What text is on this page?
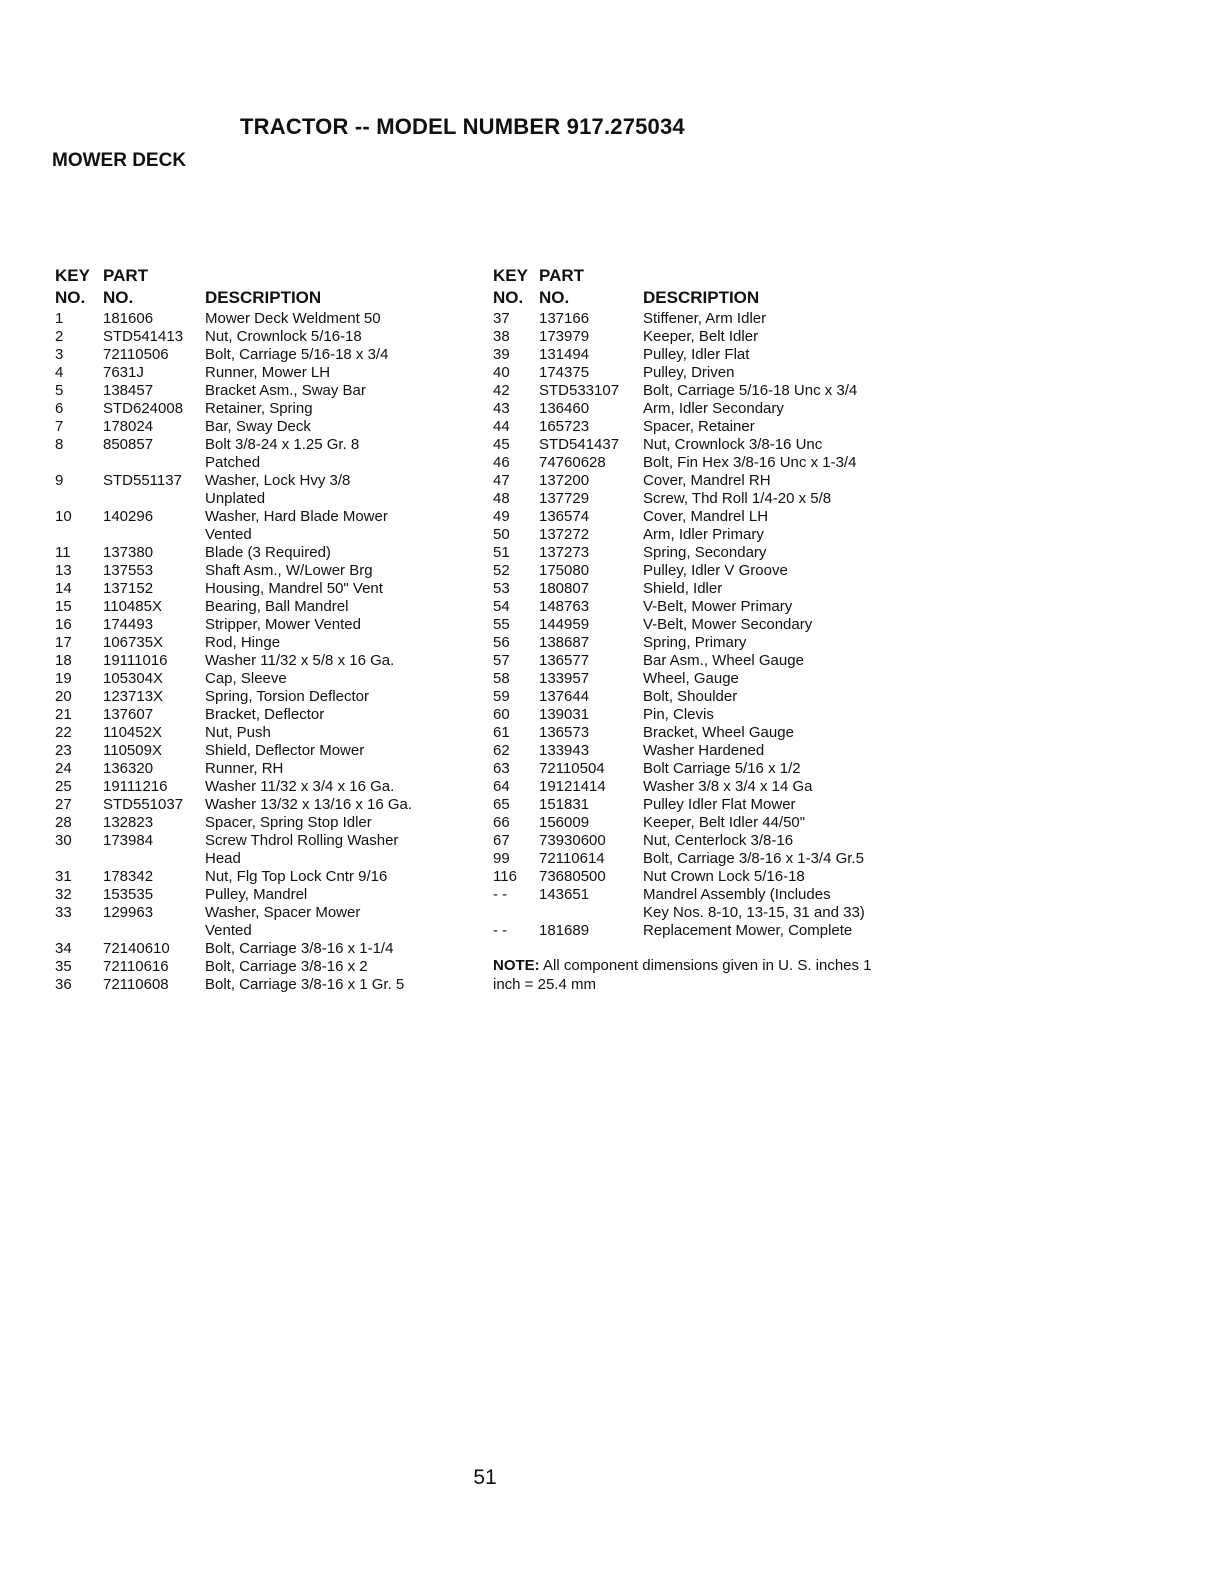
TRACTOR -- MODEL NUMBER 917.275034
MOWER DECK
KEY
NO.
PART
NO.	DESCRIPTION
1	181606	Mower Deck Weldment 50
2	STD541413	Nut, Crownlock 5/16-18
3	72110506	Bolt, Carriage 5/16-18 x 3/4
4	7631J	Runner, Mower LH
5	138457	Bracket Asm., Sway Bar
6	STD624008	Retainer, Spring
7	178024	Bar, Sway Deck
8	850857	Bolt 3/8-24 x 1.25 Gr. 8
Patched
9	STD551137	Washer, Lock Hvy 3/8
Unplated
10	140296	Washer, Hard Blade Mower
Vented
11	137380	Blade (3 Required)
13	137553	Shaft Asm., W/Lower Brg
14	137152	Housing, Mandrel 50" Vent
15	110485X	Bearing, Ball Mandrel
16	174493	Stripper, Mower Vented
17	106735X	Rod, Hinge
18	19111016	Washer 11/32 x 5/8 x 16 Ga.
19	105304X	Cap, Sleeve
20	123713X	Spring, Torsion Deflector
21	137607	Bracket, Deflector
22	110452X	Nut, Push
23	110509X	Shield, Deflector Mower
24	136320	Runner, RH
25	19111216	Washer 11/32 x 3/4 x 16 Ga.
27	STD551037	Washer 13/32 x 13/16 x 16 Ga.
28	132823	Spacer, Spring Stop Idler
30	173984	Screw Thdrol Rolling Washer
Head
31	178342	Nut, Flg Top Lock Cntr 9/16
32	153535	Pulley, Mandrel
33	129963	Washer, Spacer Mower
Vented
34	72140610	Bolt, Carriage 3/8-16 x 1-1/4
35	72110616	Bolt, Carriage 3/8-16 x 2
36	72110608	Bolt, Carriage 3/8-16 x 1 Gr. 5
KEY
NO.
PART
NO.	DESCRIPTION
37	137166	Stiffener, Arm Idler
38	173979	Keeper, Belt Idler
39	131494	Pulley, Idler Flat
40	174375	Pulley, Driven
42	STD533107	Bolt, Carriage 5/16-18 Unc x 3/4
43	136460	Arm, Idler Secondary
44	165723	Spacer, Retainer
45	STD541437	Nut, Crownlock 3/8-16 Unc
46	74760628	Bolt, Fin Hex 3/8-16 Unc x 1-3/4
47	137200	Cover, Mandrel RH
48	137729	Screw, Thd Roll 1/4-20 x 5/8
49	136574	Cover, Mandrel LH
50	137272	Arm, Idler Primary
51	137273	Spring, Secondary
52	175080	Pulley, Idler V Groove
53	180807	Shield, Idler
54	148763	V-Belt, Mower Primary
55	144959	V-Belt, Mower Secondary
56	138687	Spring, Primary
57	136577	Bar Asm., Wheel Gauge
58	133957	Wheel, Gauge
59	137644	Bolt, Shoulder
60	139031	Pin, Clevis
61	136573	Bracket, Wheel Gauge
62	133943	Washer Hardened
63	72110504	Bolt Carriage 5/16 x 1/2
64	19121414	Washer 3/8 x 3/4 x 14 Ga
65	151831	Pulley Idler Flat Mower
66	156009	Keeper, Belt Idler 44/50"
67	73930600	Nut, Centerlock 3/8-16
99	72110614	Bolt, Carriage 3/8-16 x 1-3/4 Gr.5
116	73680500	Nut Crown Lock 5/16-18
- -	143651	Mandrel Assembly (Includes
Key Nos. 8-10, 13-15, 31 and 33)
- -	181689	Replacement Mower, Complete

NOTE: All component dimensions given in U. S. inches 1 inch = 25.4 mm

51
